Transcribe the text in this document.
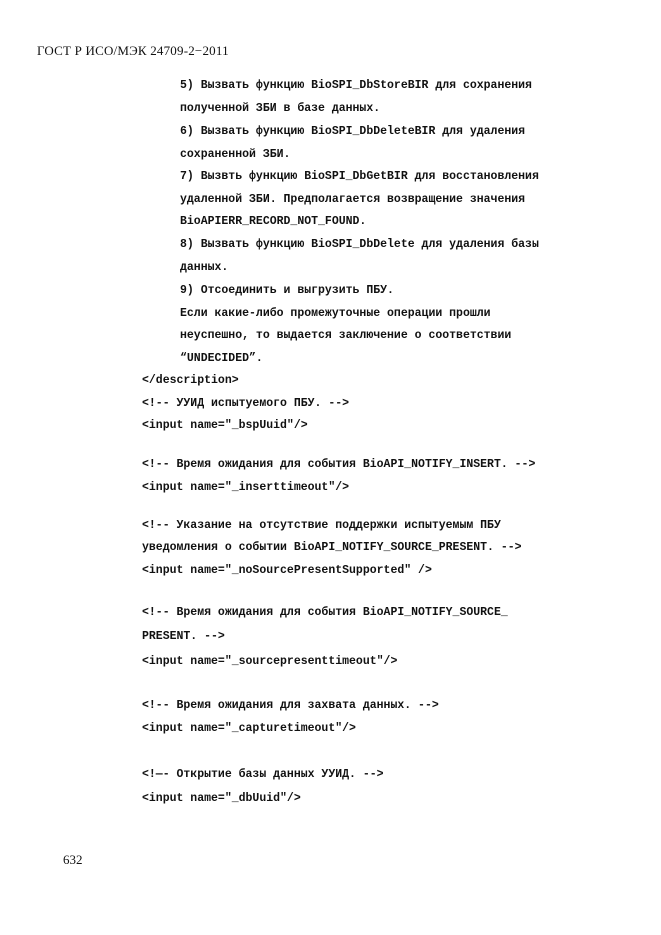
ГОСТ Р ИСО/МЭК 24709-2−2011
5) Вызвать функцию BioSPI_DbStoreBIR для сохранения
полученной ЗБИ в базе данных.
6) Вызвать функцию BioSPI_DbDeleteBIR для удаления
сохраненной ЗБИ.
7) Вызвть функцию BioSPI_DbGetBIR для восстановления
удаленной ЗБИ. Предполагается возвращение значения
BioAPIERR_RECORD_NOT_FOUND.
8) Вызвать функцию BioSPI_DbDelete для удаления базы
данных.
9) Отсоединить и выгрузить ПБУ.
Если какие-либо промежуточные операции прошли
неуспешно, то выдается заключение о соответствии
“UNDECIDED”.
</description>
<!-- УУИД испытуемого ПБУ. -->
<input name="_bspUuid"/>
<!-- Время ожидания для события BioAPI_NOTIFY_INSERT. -->
<input name="_inserttimeout"/>
<!-- Указание на отсутствие поддержки испытуемым ПБУ
уведомления о событии BioAPI_NOTIFY_SOURCE_PRESENT. -->
<input name="_noSourcePresentSupported" />
<!-- Время ожидания для события BioAPI_NOTIFY_SOURCE_
PRESENT. -->
<input name="_sourcepresenttimeout"/>
<!-- Время ожидания для захвата данных. -->
<input name="_capturetimeout"/>
<!—- Открытие базы данных УУИД. -->
<input name="_dbUuid"/>
632
